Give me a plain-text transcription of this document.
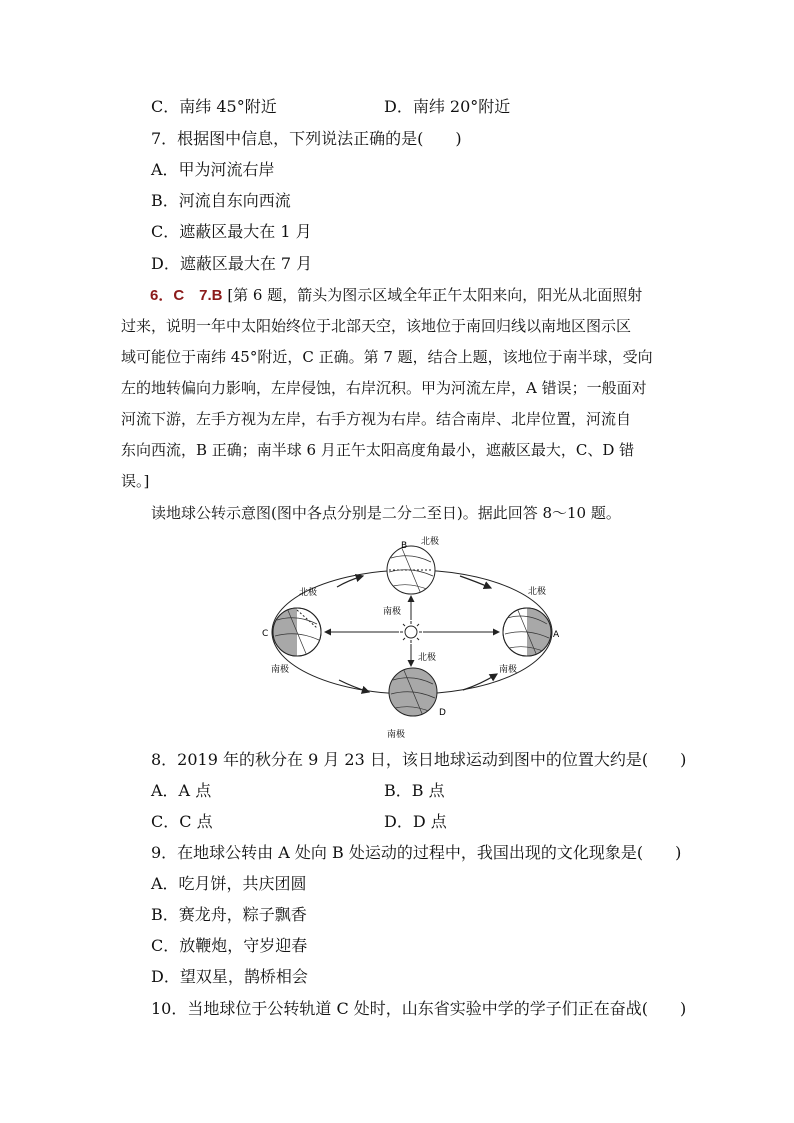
C．南纬 45°附近	D．南纬 20°附近
7．根据图中信息，下列说法正确的是(　　)
A．甲为河流右岸
B．河流自东向西流
C．遮蔽区最大在 1 月
D．遮蔽区最大在 7 月
6．C　7.B [第 6 题，箭头为图示区域全年正午太阳来向，阳光从北面照射
过来，说明一年中太阳始终位于北部天空，该地位于南回归线以南地区图示区
域可能位于南纬 45°附近，C 正确。第 7 题，结合上题，该地位于南半球，受向
左的地转偏向力影响，左岸侵蚀，右岸沉积。甲为河流左岸，A 错误；一般面对
河流下游，左手方视为左岸，右手方视为右岸。结合南岸、北岸位置，河流自
东向西流，B 正确；南半球 6 月正午太阳高度角最小，遮蔽区最大，C、D 错
误。]
读地球公转示意图(图中各点分别是二分二至日)。据此回答 8～10 题。
A
北极
南极
B 北极
南极
C
北极
南极
D
北极
南极
8．2019 年的秋分在 9 月 23 日，该日地球运动到图中的位置大约是(　　)
A．A 点	B．B 点
C．C 点	D．D 点
9．在地球公转由 A 处向 B 处运动的过程中，我国出现的文化现象是(　　)
A．吃月饼，共庆团圆
B．赛龙舟，粽子飘香
C．放鞭炮，守岁迎春
D．望双星，鹊桥相会
10．当地球位于公转轨道 C 处时，山东省实验中学的学子们正在奋战(　　)
